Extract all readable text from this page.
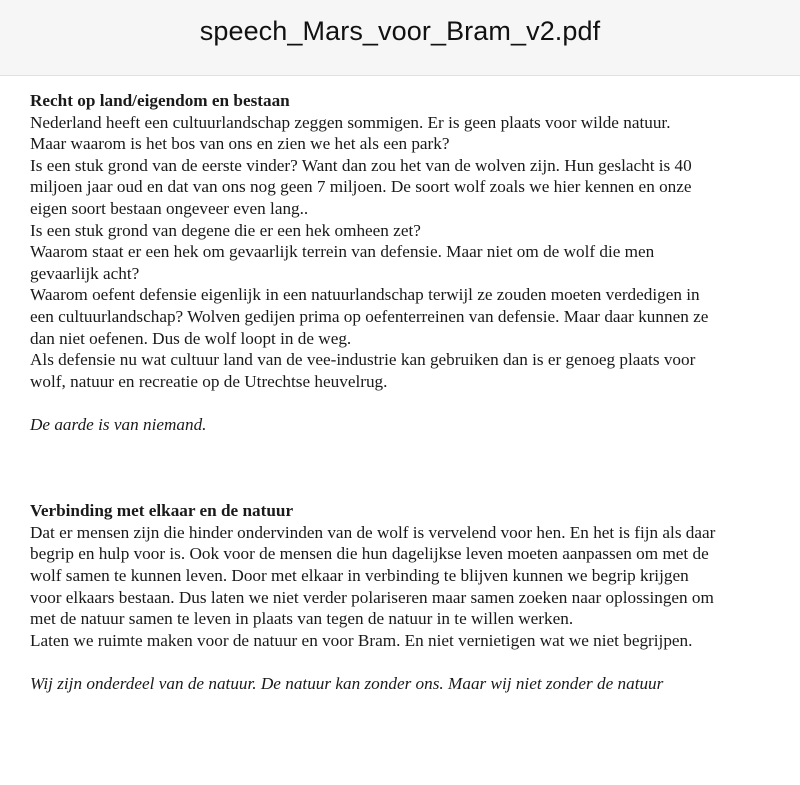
speech_Mars_voor_Bram_v2.pdf

Recht op land/eigendom en bestaan

Nederland heeft een cultuurlandschap zeggen sommigen. Er is geen plaats voor wilde natuur.

Maar waarom is het bos van ons en zien we het als een park?

Is een stuk grond van de eerste vinder? Want dan zou het van de wolven zijn. Hun geslacht is 40

miljoen jaar oud en dat van ons nog geen 7 miljoen. De soort wolf zoals we hier kennen en onze

eigen soort bestaan ongeveer even lang..

Is een stuk grond van degene die er een hek omheen zet?

Waarom staat er een hek om gevaarlijk terrein van defensie. Maar niet om de wolf die men

gevaarlijk acht?

Waarom oefent defensie eigenlijk in een natuurlandschap terwijl ze zouden moeten verdedigen in

een cultuurlandschap? Wolven gedijen prima op oefenterreinen van defensie. Maar daar kunnen ze

dan niet oefenen. Dus de wolf loopt in de weg.

Als defensie nu wat cultuur land van de vee-industrie kan gebruiken dan is er genoeg plaats voor

wolf, natuur en recreatie op de Utrechtse heuvelrug.

De aarde is van niemand.

Verbinding met elkaar en de natuur

Dat er mensen zijn die hinder ondervinden van de wolf is vervelend voor hen. En het is fijn als daar

begrip en hulp voor is. Ook voor de mensen die hun dagelijkse leven moeten aanpassen om met de

wolf samen te kunnen leven. Door met elkaar in verbinding te blijven kunnen we begrip krijgen

voor elkaars bestaan. Dus laten we niet verder polariseren maar samen zoeken naar oplossingen om

met de natuur samen te leven in plaats van tegen de natuur in te willen werken.

Laten we ruimte maken voor de natuur en voor Bram. En niet vernietigen wat we niet begrijpen.

Wij zijn onderdeel van de natuur. De natuur kan zonder ons. Maar wij niet zonder de natuur
